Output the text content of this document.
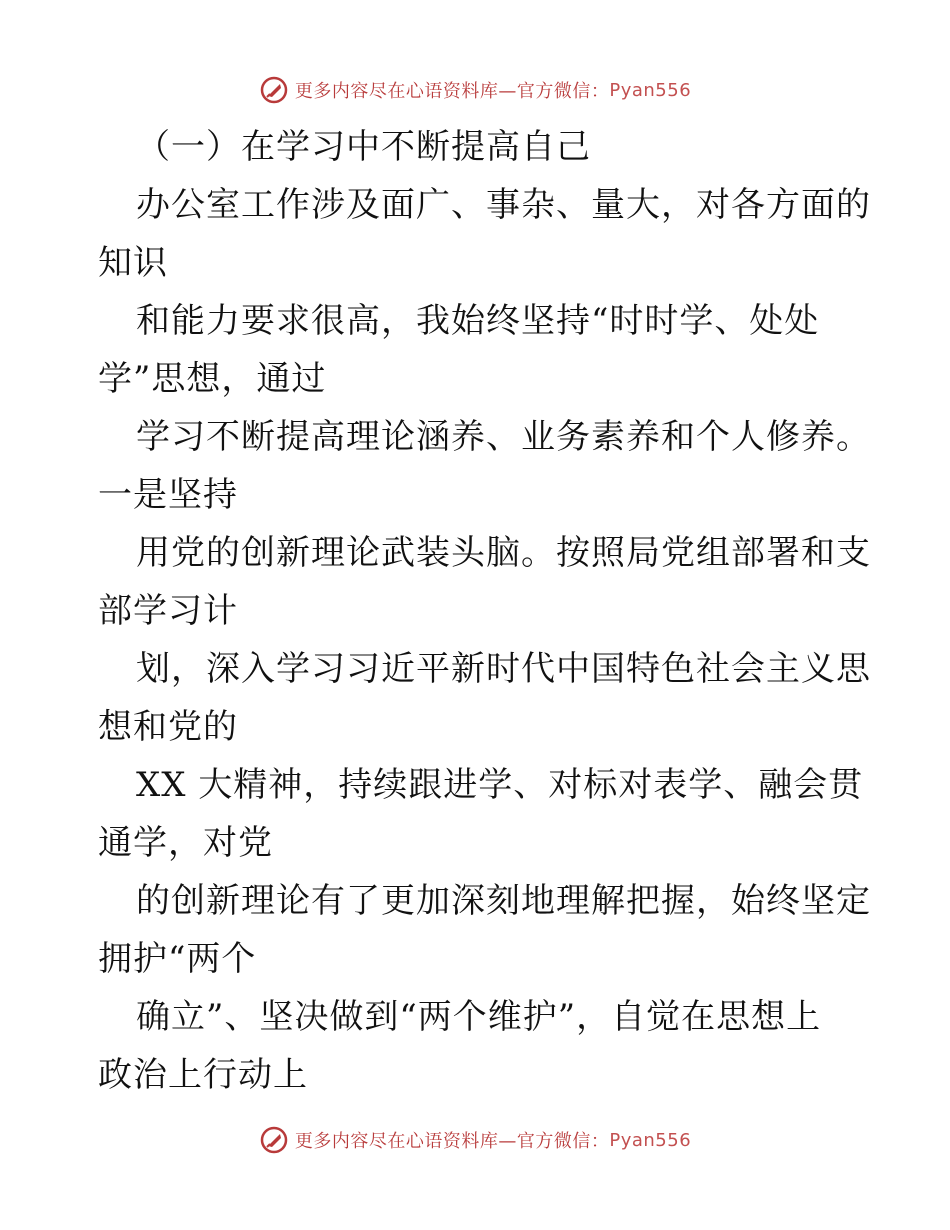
更多内容尽在心语资料库—官方微信： Pyan556

（一）在学习中不断提高自己

办公室工作涉及面广、事杂、量大，对各方面的

知识

和能力要求很高，我始终坚持“时时学、处处

学”思想，通过

学习不断提高理论涵养、业务素养和个人修养。

一是坚持

用党的创新理论武装头脑。按照局党组部署和支

部学习计

划，深入学习习近平新时代中国特色社会主义思

想和党的

XX 大精神，持续跟进学、对标对表学、融会贯

通学，对党

的创新理论有了更加深刻地理解把握，始终坚定

拥护“两个

确立”、坚决做到“两个维护”，自觉在思想上

政治上行动上

更多内容尽在心语资料库—官方微信： Pyan556
